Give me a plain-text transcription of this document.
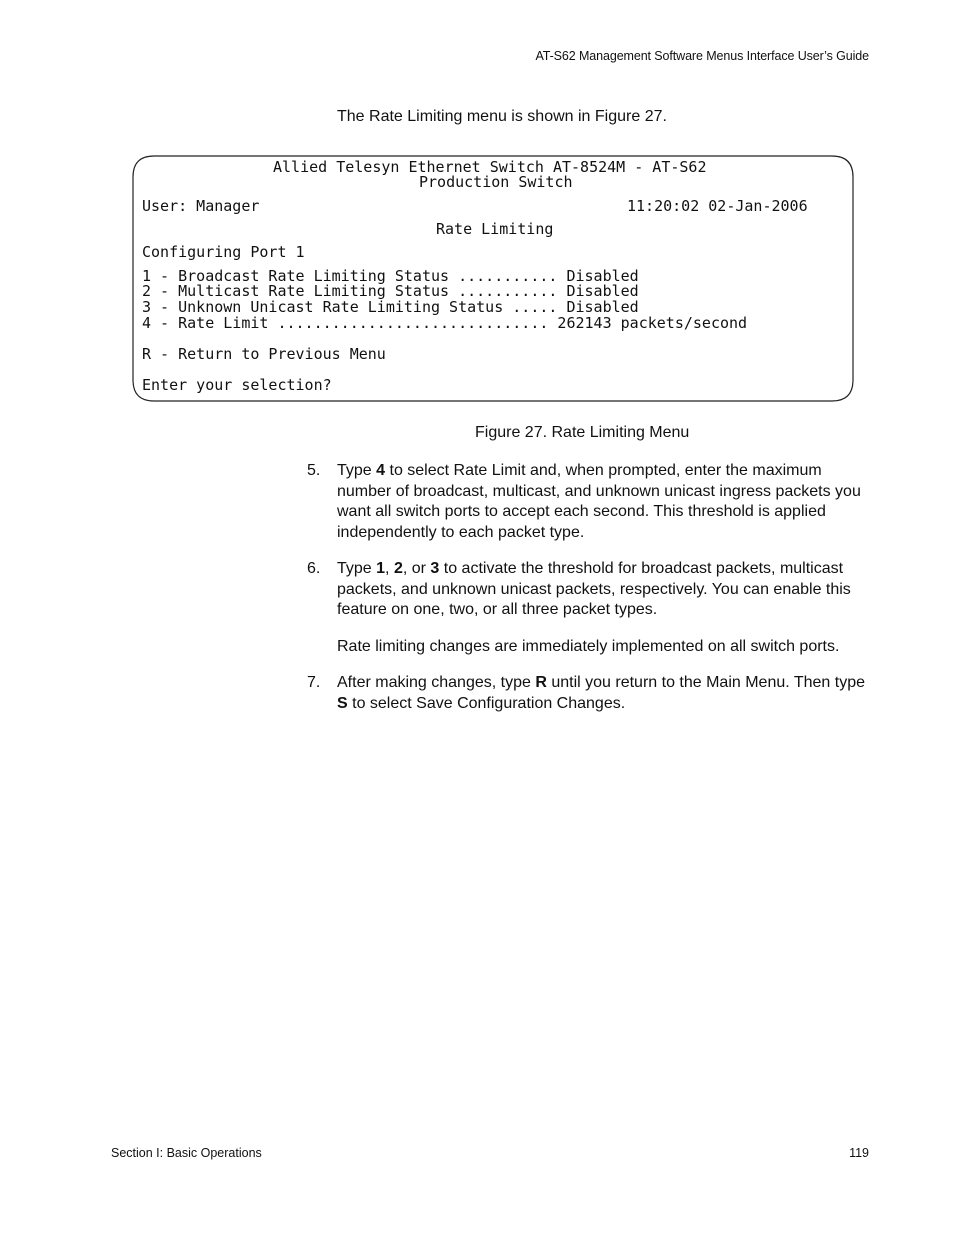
AT-S62 Management Software Menus Interface User’s Guide
The Rate Limiting menu is shown in Figure 27.

Allied Telesyn Ethernet Switch AT-8524M - AT-S62

Production Switch

User: Manager

	11:20:02 02-Jan-2006

Rate Limiting

Configuring Port 1

1 - Broadcast Rate Limiting Status ........... Disabled

2 - Multicast Rate Limiting Status ........... Disabled

3 - Unknown Unicast Rate Limiting Status ..... Disabled

4 - Rate Limit .............................. 262143 packets/second

R - Return to Previous Menu

Enter your selection?

Figure 27. Rate Limiting Menu
5. Type 4 to select Rate Limit and, when prompted, enter the maximum number of broadcast, multicast, and unknown unicast ingress packets you want all switch ports to accept each second. This threshold is applied independently to each packet type.

6. Type 1, 2, or 3 to activate the threshold for broadcast packets, multicast packets, and unknown unicast packets, respectively. You can enable this feature on one, two, or all three packet types.

Rate limiting changes are immediately implemented on all switch ports.

7. After making changes, type R until you return to the Main Menu. Then type S to select Save Configuration Changes.

Section I: Basic Operations	119
